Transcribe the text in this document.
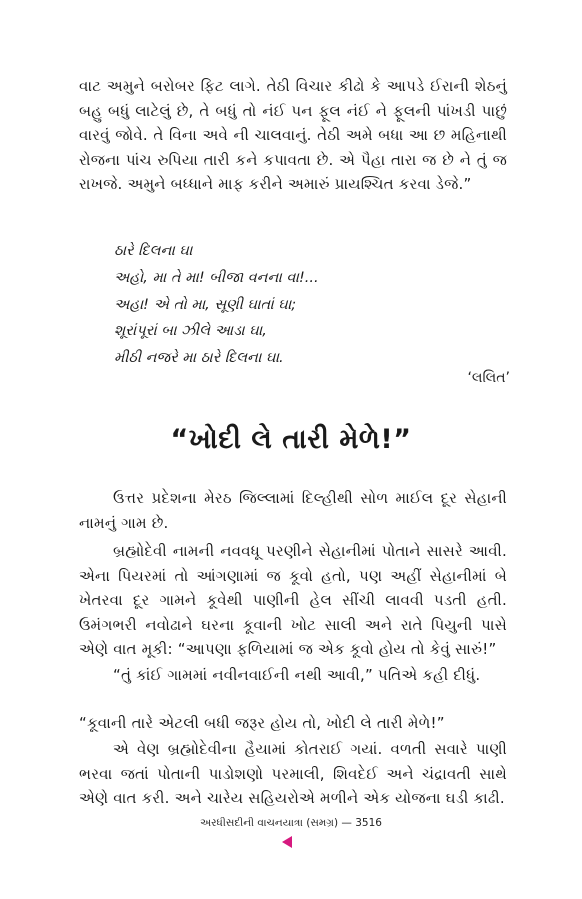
વાટ અમુને બરોબર ફિટ લાગે. તેઠી વિચાર કીઢો કે આપડે ઈરાની શેઠનું બહુ બધું લાટેલું છે, તે બધું તો નંઈ પન ફૂલ નંઈ ને ફૂલની પાંખડી પાછું વારવું જોવે. તે વિના અવે ની ચાલવાનું. તેઠી અમે બધા આ છ મહિનાથી રોજના પાંચ રુપિયા તારી કને કપાવતા છે. એ પૈહા તારા જ છે ને તું જ રાખજે. અમુને બધ્ધાને માફ કરીને અમારું પ્રાયશ્ચિત કરવા ડેજે.”
ઠારે દિલના ઘા
અહો, મા તે મા! બીજા વનના વા!...
અહા! એ તો મા, સૂણી ઘાતાં ઘા;
શૂરાંપૂરાં બા ઝીલે આડા ઘા,
મીઠી નજરે મા ઠારે દિલના ઘા.
‘લલિત’
“ખોદી લે તારી મેળે!”
ઉત્તર પ્રદેશના મેરઠ જિલ્લામાં દિલ્હીથી સોળ માઈલ દૂર સેહાની નામનું ગામ છે.
બ્રહ્મોદેવી નામની નવવધૂ પરણીને સેહાનીમાં પોતાને સાસરે આવી. એના પિયરમાં તો આંગણામાં જ કૂવો હતો, પણ અહીં સેહાનીમાં બે ખેતરવા દૂર ગામને કૂવેથી પાણીની હેલ સીંચી લાવવી પડતી હતી. ઉમંગભરી નવોઢાને ઘરના કૂવાની ખોટ સાલી અને રાતે પિયુની પાસે એણે વાત મૂકી: “આપણા ફળિયામાં જ એક કૂવો હોય તો કેવું સારું!”
“તું કાંઈ ગામમાં નવીનવાઈની નથી આવી,” પતિએ કહી દીધું.
“કૂવાની તારે એટલી બધી જરૂર હોય તો, ખોદી લે તારી મેળે!”
એ વેણ બ્રહ્મોદેવીના હૈયામાં કોતરાઈ ગયાં. વળતી સવારે પાણી ભરવા જતાં પોતાની પાડોશણો પરમાલી, શિવદેઈ અને ચંદ્રાવતી સાથે એણે વાત કરી. અને ચારેય સહિયરોએ મળીને એક યોજના ઘડી કાઢી.
અરધીસદીની વાચનયાત્રા (સમગ્ર) — 3516
